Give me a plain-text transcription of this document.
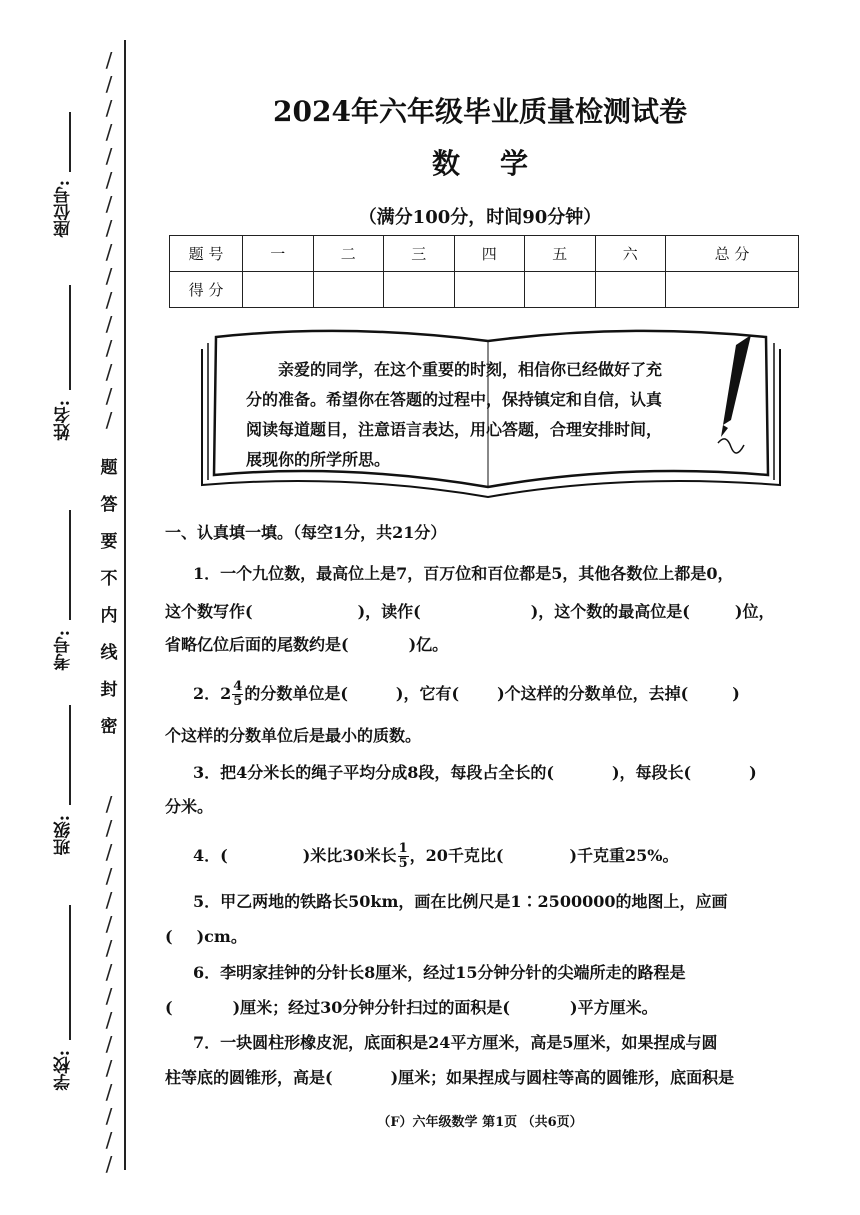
/
/
/
/
/
/
/
/
/
/
/
/
/
/
/
/
题
答
要
不
内
线
封
密
/
/
/
/
/
/
/
/
/
/
/
/
/
/
/
/
座位号:
姓名:
考号:
班级:
学校:
2024年六年级毕业质量检测试卷
数学
（满分100分，时间90分钟）
题 号	一	二	三	四	五	六	总 分
得 分							

亲爱的同学，在这个重要的时刻，相信你已经做好了充

分的准备。希望你在答题的过程中，保持镇定和自信，认真

阅读每道题目，注意语言表达，用心答题，合理安排时间，

展现你的所学所思。

一、认真填一填。（每空1分，共21分）
1．一个九位数，最高位上是7，百万位和百位都是5，其他各数位上都是0，
这个数写作(	)，读作(	)，这个数的最高位是(	)位，
省略亿位后面的尾数约是(	)亿。
2．$2 \frac{4}{5}$ 的分数单位是(	)，它有( )个这样的分数单位，去掉(	)
个这样的分数单位后是最小的质数。
3．把4分米长的绳子平均分成8段，每段占全长的(	)，每段长(	)
分米。
4．(	)米比30米长 $\frac{1}{5}$ ，20千克比(	)千克重25%。
5．甲乙两地的铁路长50km，画在比例尺是1∶2500000的地图上，应画
( )cm。
6．李明家挂钟的分针长8厘米，经过15分钟分针的尖端所走的路程是
(	)厘米；经过30分钟分针扫过的面积是(	)平方厘米。
7．一块圆柱形橡皮泥，底面积是24平方厘米，高是5厘米，如果捏成与圆
柱等底的圆锥形，高是(	)厘米；如果捏成与圆柱等高的圆锥形，底面积是
（F）六年级数学 第1页 （共6页）
